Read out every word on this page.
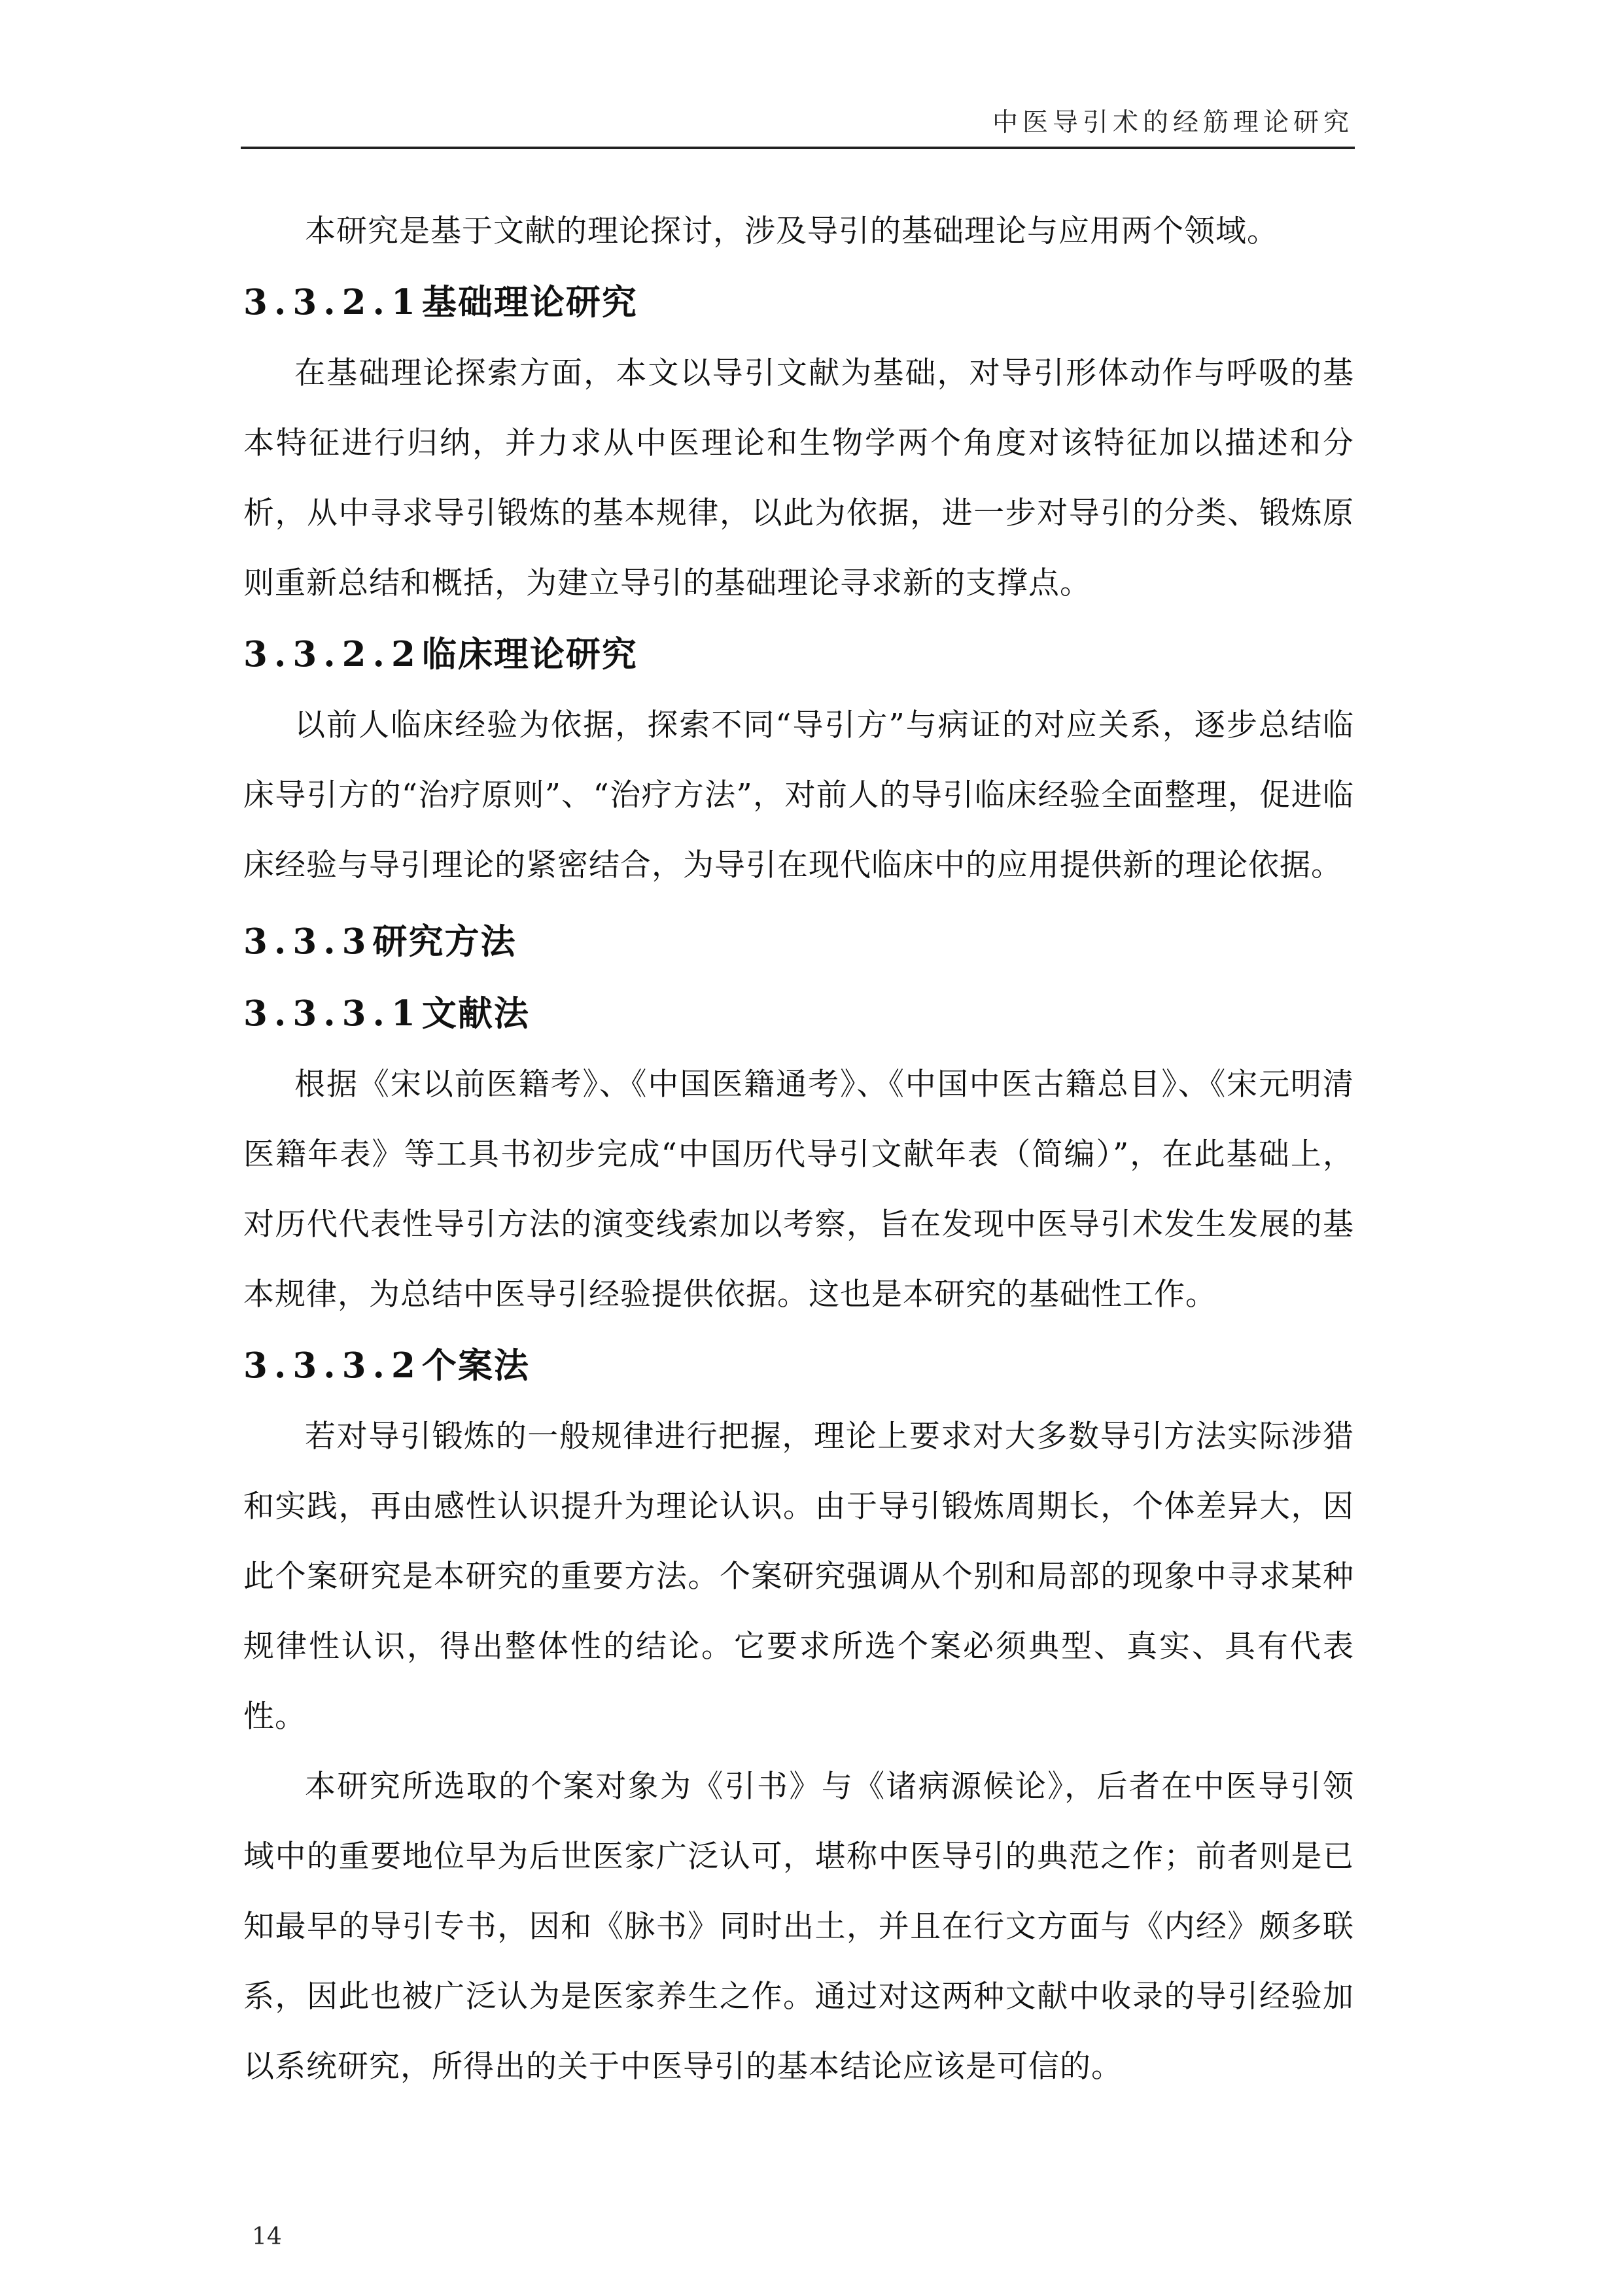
中医导引术的经筋理论研究

本研究是基于文献的理论探讨，涉及导引的基础理论与应用两个领域。

3.3.2.1基础理论研究

在基础理论探索方面，本文以导引文献为基础，对导引形体动作与呼吸的基本特征进行归纳，并力求从中医理论和生物学两个角度对该特征加以描述和分析，从中寻求导引锻炼的基本规律，以此为依据，进一步对导引的分类、锻炼原则重新总结和概括，为建立导引的基础理论寻求新的支撑点。

3.3.2.2临床理论研究

以前人临床经验为依据，探索不同“导引方”与病证的对应关系，逐步总结临床导引方的“治疗原则”、“治疗方法”，对前人的导引临床经验全面整理，促进临床经验与导引理论的紧密结合，为导引在现代临床中的应用提供新的理论依据。

3.3.3研究方法
3.3.3.1文献法

根据《宋以前医籍考》、《中国医籍通考》、《中国中医古籍总目》、《宋元明清医籍年表》等工具书初步完成“中国历代导引文献年表（简编）”，在此基础上，对历代代表性导引方法的演变线索加以考察，旨在发现中医导引术发生发展的基本规律，为总结中医导引经验提供依据。这也是本研究的基础性工作。

3.3.3.2个案法

若对导引锻炼的一般规律进行把握，理论上要求对大多数导引方法实际涉猎和实践，再由感性认识提升为理论认识。由于导引锻炼周期长，个体差异大，因此个案研究是本研究的重要方法。个案研究强调从个别和局部的现象中寻求某种规律性认识，得出整体性的结论。它要求所选个案必须典型、真实、具有代表性。

本研究所选取的个案对象为《引书》与《诸病源候论》，后者在中医导引领域中的重要地位早为后世医家广泛认可，堪称中医导引的典范之作；前者则是已知最早的导引专书，因和《脉书》同时出土，并且在行文方面与《内经》颇多联系，因此也被广泛认为是医家养生之作。通过对这两种文献中收录的导引经验加以系统研究，所得出的关于中医导引的基本结论应该是可信的。

14
